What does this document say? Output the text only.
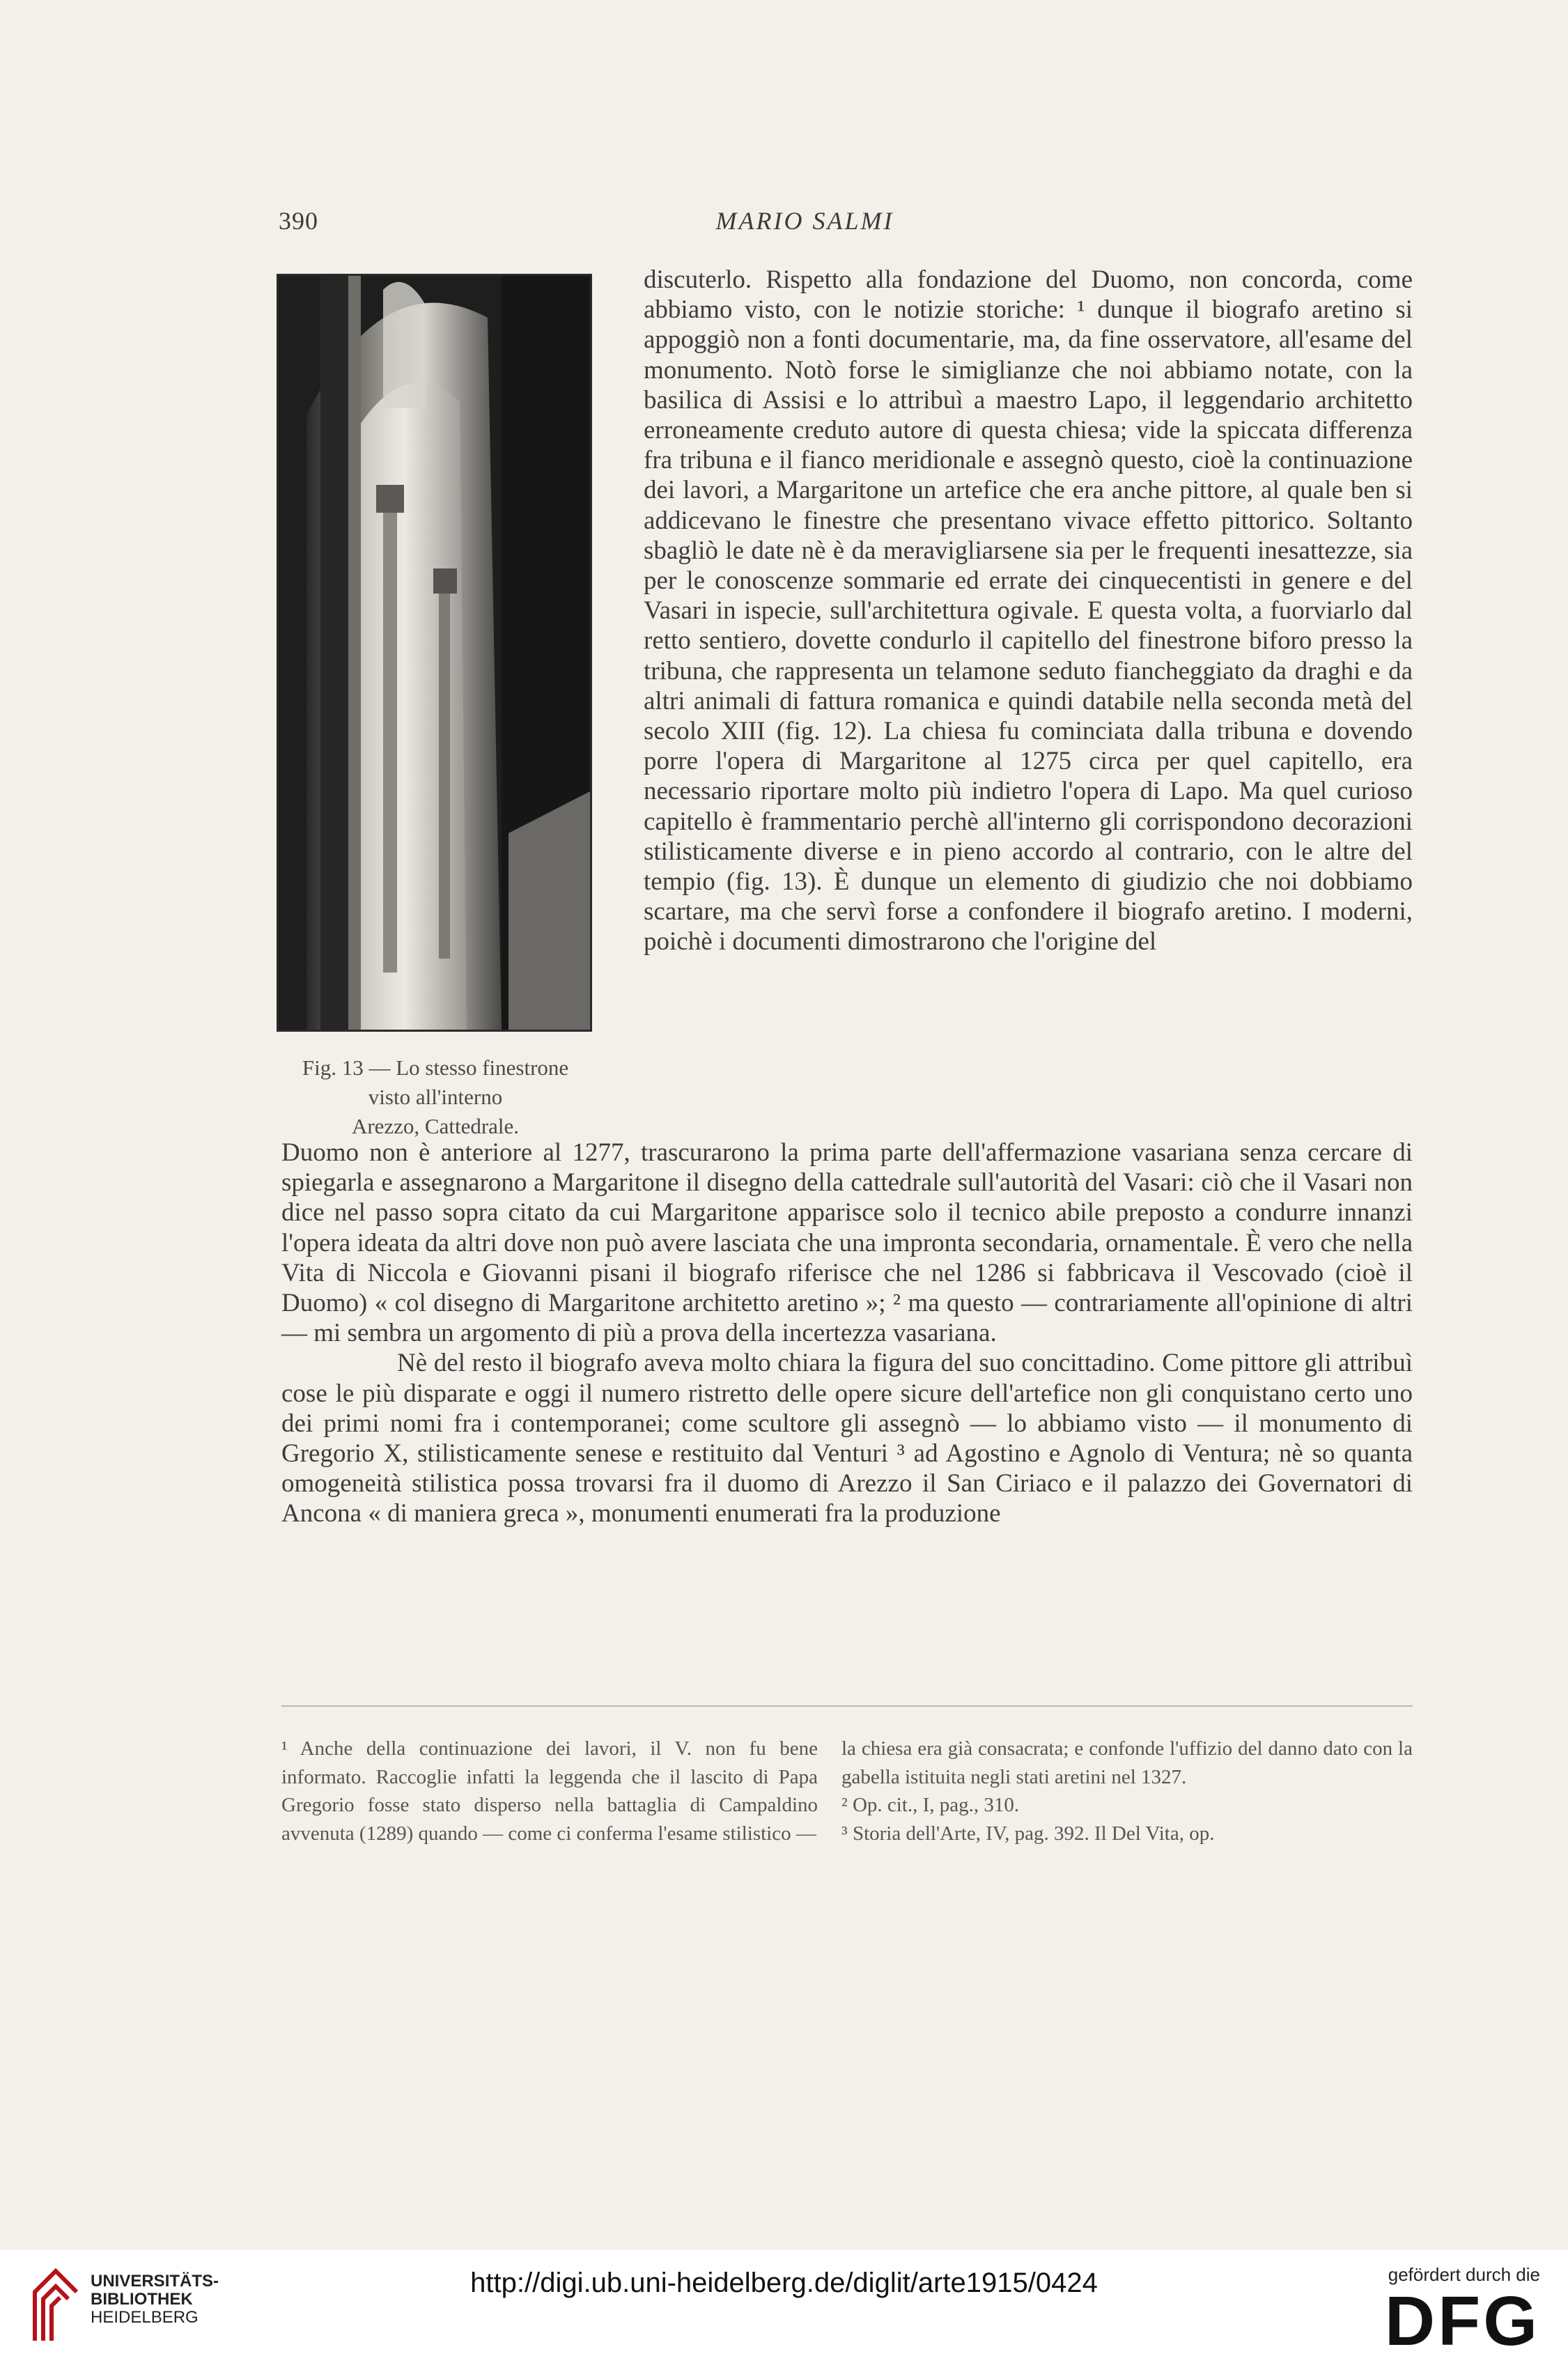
390	MARIO SALMI
Fig. 13 — Lo stesso finestrone
visto all'interno
Arezzo, Cattedrale.

discuterlo. Rispetto alla fondazione del Duomo, non concorda, come abbiamo visto, con le notizie storiche: ¹ dunque il biografo aretino si appoggiò non a fonti documentarie, ma, da fine osservatore, all'esame del monumento. Notò forse le simiglianze che noi abbiamo notate, con la basilica di Assisi e lo attribuì a maestro Lapo, il leggendario architetto erroneamente creduto autore di questa chiesa; vide la spiccata differenza fra tribuna e il fianco meridionale e assegnò questo, cioè la continuazione dei lavori, a Margaritone un artefice che era anche pittore, al quale ben si addicevano le finestre che presentano vivace effetto pittorico. Soltanto sbagliò le date nè è da meravigliarsene sia per le frequenti inesattezze, sia per le conoscenze sommarie ed errate dei cinquecentisti in genere e del Vasari in ispecie, sull'architettura ogivale. E questa volta, a fuorviarlo dal retto sentiero, dovette condurlo il capitello del finestrone biforo presso la tribuna, che rappresenta un telamone seduto fiancheggiato da draghi e da altri animali di fattura romanica e quindi databile nella seconda metà del secolo XIII (fig. 12). La chiesa fu cominciata dalla tribuna e dovendo porre l'opera di Margaritone al 1275 circa per quel capitello, era necessario riportare molto più indietro l'opera di Lapo. Ma quel curioso capitello è frammentario perchè all'interno gli corrispondono decorazioni stilisticamente diverse e in pieno accordo al contrario, con le altre del tempio (fig. 13). È dunque un elemento di giudizio che noi dobbiamo scartare, ma che servì forse a confondere il biografo aretino. I moderni, poichè i documenti dimostrarono che l'origine del

Duomo non è anteriore al 1277, trascurarono la prima parte dell'affermazione vasariana senza cercare di spiegarla e assegnarono a Margaritone il disegno della cattedrale sull'autorità del Vasari: ciò che il Vasari non dice nel passo sopra citato da cui Margaritone apparisce solo il tecnico abile preposto a condurre innanzi l'opera ideata da altri dove non può avere lasciata che una impronta secondaria, ornamentale. È vero che nella Vita di Niccola e Giovanni pisani il biografo riferisce che nel 1286 si fabbricava il Vescovado (cioè il Duomo) « col disegno di Margaritone architetto aretino »; ² ma questo — contrariamente all'opinione di altri — mi sembra un argomento di più a prova della incertezza vasariana.

Nè del resto il biografo aveva molto chiara la figura del suo concittadino. Come pittore gli attribuì cose le più disparate e oggi il numero ristretto delle opere sicure dell'artefice non gli conquistano certo uno dei primi nomi fra i contemporanei; come scultore gli assegnò — lo abbiamo visto — il monumento di Gregorio X, stilisticamente senese e restituito dal Venturi ³ ad Agostino e Agnolo di Ventura; nè so quanta omogeneità stilistica possa trovarsi fra il duomo di Arezzo il San Ciriaco e il palazzo dei Governatori di Ancona « di maniera greca », monumenti enumerati fra la produzione

¹ Anche della continuazione dei lavori, il V. non fu bene informato. Raccoglie infatti la leggenda che il lascito di Papa Gregorio fosse stato disperso nella battaglia di Campaldino avvenuta (1289) quando — come ci conferma l'esame stilistico —

la chiesa era già consacrata; e confonde l'uffizio del danno dato con la gabella istituita negli stati aretini nel 1327.

² Op. cit., I, pag., 310.

³ Storia dell'Arte, IV, pag. 392. Il Del Vita, op.

UNIVERSITÄTS-
BIBLIOTHEK
HEIDELBERG
http://digi.ub.uni-heidelberg.de/diglit/arte1915/0424	gefördert durch die
DFG
